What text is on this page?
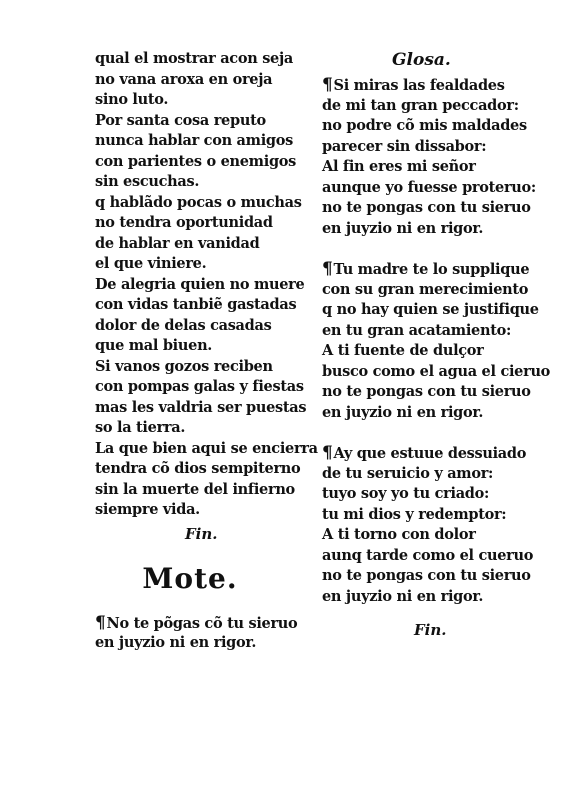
qual el mostrar acon seja
no vana aroxa en oreja
sino luto.
Por santa cosa reputo
nunca hablar con amigos
con parientes o enemigos
sin escuchas.
q hablãdo pocas o muchas
no tendra oportunidad
de hablar en vanidad
el que viniere.
De alegria quien no muere
con vidas tanbiẽ gastadas
dolor de delas casadas
que mal biuen.
Si vanos gozos reciben
con pompas galas y fiestas
mas les valdria ser puestas
so la tierra.
La que bien aqui se encierra
tendra cõ dios sempiterno
sin la muerte del infierno
siempre vida.
Fin.
Mote.
¶No te põgas cõ tu sieruo
en juyzio ni en rigor.
Glosa.
¶Si miras las fealdades
de mi tan gran peccador:
no podre cõ mis maldades
parecer sin dissabor:
Al fin eres mi señor
aunque yo fuesse proteruo:
no te pongas con tu sieruo
en juyzio ni en rigor.
¶Tu madre te lo supplique
con su gran merecimiento
q no hay quien se justifique
en tu gran acatamiento:
A ti fuente de dulçor
busco como el agua el cieruo
no te pongas con tu sieruo
en juyzio ni en rigor.
¶Ay que estuue dessuiado
de tu seruicio y amor:
tuyo soy yo tu criado:
tu mi dios y redemptor:
A ti torno con dolor
aunq tarde como el cueruo
no te pongas con tu sieruo
en juyzio ni en rigor.
Fin.
